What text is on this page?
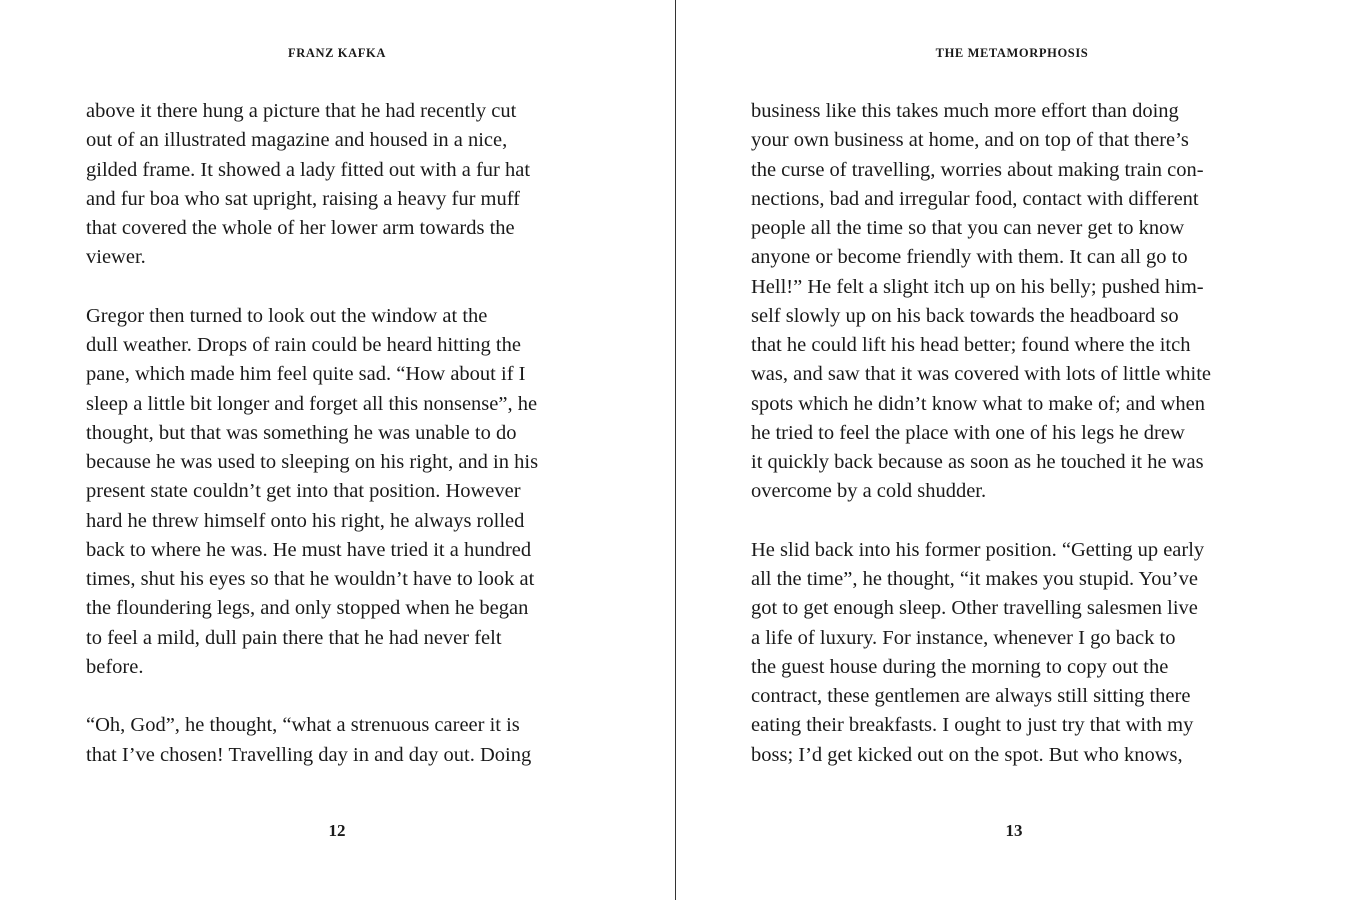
FRANZ KAFKA
above it there hung a picture that he had recently cut
out of an illustrated magazine and housed in a nice,
gilded frame. It showed a lady fitted out with a fur hat
and fur boa who sat upright, raising a heavy fur muff
that covered the whole of her lower arm towards the
viewer.
Gregor then turned to look out the window at the
dull weather. Drops of rain could be heard hitting the
pane, which made him feel quite sad. “How about if I
sleep a little bit longer and forget all this nonsense”, he
thought, but that was something he was unable to do
because he was used to sleeping on his right, and in his
present state couldn’t get into that position. However
hard he threw himself onto his right, he always rolled
back to where he was. He must have tried it a hundred
times, shut his eyes so that he wouldn’t have to look at
the floundering legs, and only stopped when he began
to feel a mild, dull pain there that he had never felt
before.
“Oh, God”, he thought, “what a strenuous career it is
that I’ve chosen! Travelling day in and day out. Doing
12
THE METAMORPHOSIS
business like this takes much more effort than doing
your own business at home, and on top of that there’s
the curse of travelling, worries about making train con-
nections, bad and irregular food, contact with different
people all the time so that you can never get to know
anyone or become friendly with them. It can all go to
Hell!” He felt a slight itch up on his belly; pushed him-
self slowly up on his back towards the headboard so
that he could lift his head better; found where the itch
was, and saw that it was covered with lots of little white
spots which he didn’t know what to make of; and when
he tried to feel the place with one of his legs he drew
it quickly back because as soon as he touched it he was
overcome by a cold shudder.
He slid back into his former position. “Getting up early
all the time”, he thought, “it makes you stupid. You’ve
got to get enough sleep. Other travelling salesmen live
a life of luxury. For instance, whenever I go back to
the guest house during the morning to copy out the
contract, these gentlemen are always still sitting there
eating their breakfasts. I ought to just try that with my
boss; I’d get kicked out on the spot. But who knows,
13
